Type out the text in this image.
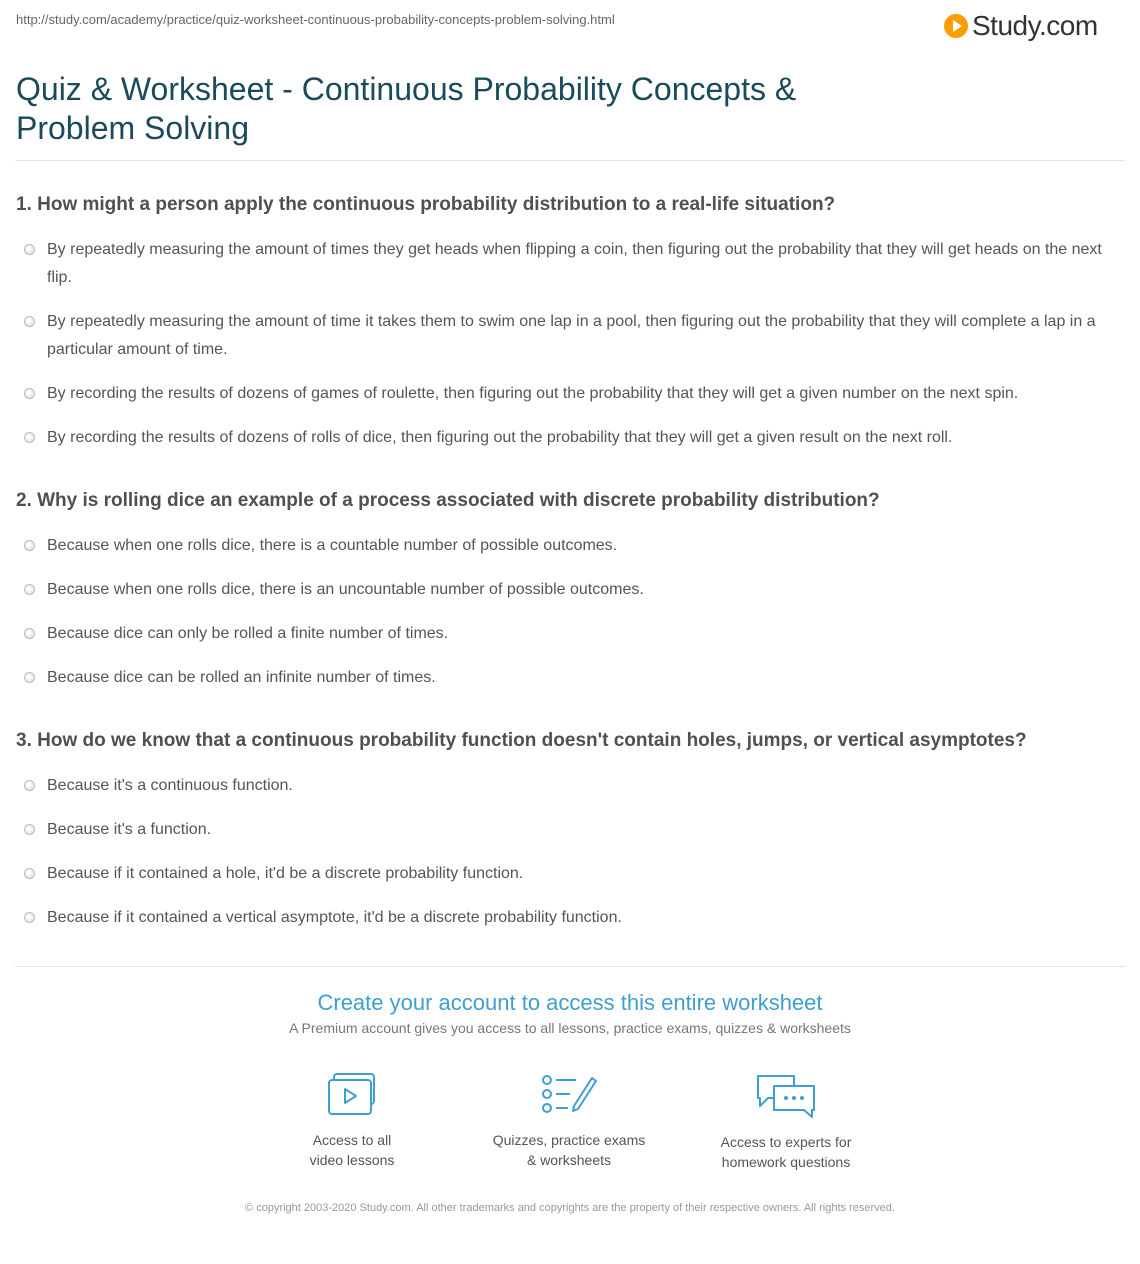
http://study.com/academy/practice/quiz-worksheet-continuous-probability-concepts-problem-solving.html	Study.com
Quiz & Worksheet - Continuous Probability Concepts & Problem Solving
1. How might a person apply the continuous probability distribution to a real-life situation?
By repeatedly measuring the amount of times they get heads when flipping a coin, then figuring out the probability that they will get heads on the next flip.
By repeatedly measuring the amount of time it takes them to swim one lap in a pool, then figuring out the probability that they will complete a lap in a particular amount of time.
By recording the results of dozens of games of roulette, then figuring out the probability that they will get a given number on the next spin.
By recording the results of dozens of rolls of dice, then figuring out the probability that they will get a given result on the next roll.
2. Why is rolling dice an example of a process associated with discrete probability distribution?
Because when one rolls dice, there is a countable number of possible outcomes.
Because when one rolls dice, there is an uncountable number of possible outcomes.
Because dice can only be rolled a finite number of times.
Because dice can be rolled an infinite number of times.
3. How do we know that a continuous probability function doesn't contain holes, jumps, or vertical asymptotes?
Because it's a continuous function.
Because it's a function.
Because if it contained a hole, it'd be a discrete probability function.
Because if it contained a vertical asymptote, it'd be a discrete probability function.
Create your account to access this entire worksheet
A Premium account gives you access to all lessons, practice exams, quizzes & worksheets
Access to all
video lessons
Quizzes, practice exams
& worksheets
Access to experts for
homework questions
© copyright 2003-2020 Study.com. All other trademarks and copyrights are the property of their respective owners. All rights reserved.
